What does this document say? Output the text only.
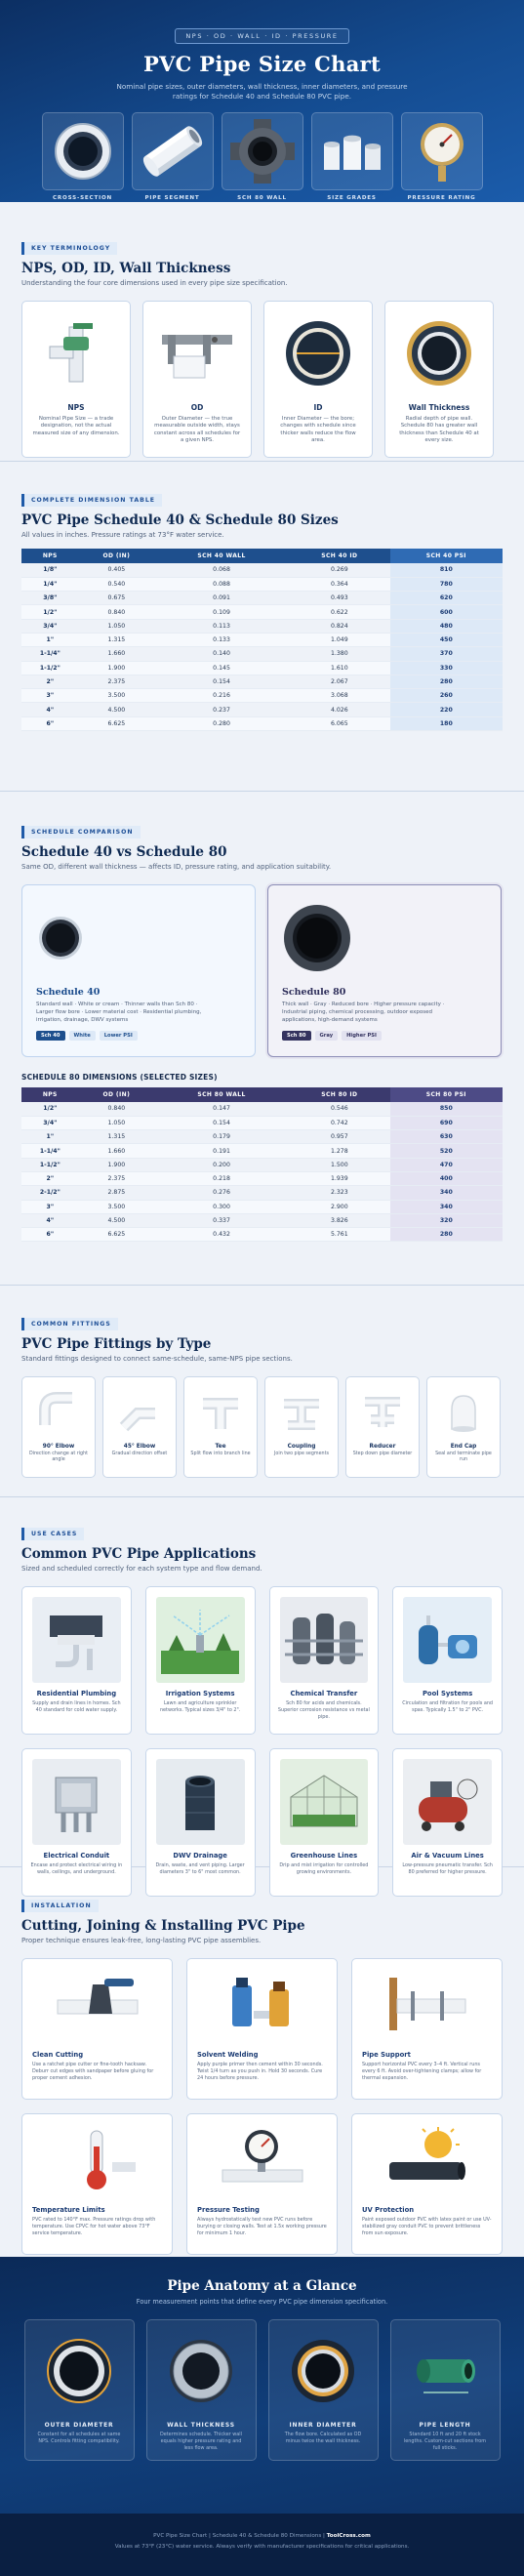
NPS · OD · WALL · ID · PRESSURE
PVC Pipe Size Chart

Nominal pipe sizes, outer diameters, wall thickness, inner diameters, and pressure ratings for Schedule 40 and Schedule 80 PVC pipe.

CROSS-SECTION	PIPE SEGMENT	SCH 80 WALL	SIZE GRADES	PRESSURE RATING
KEY TERMINOLOGY
NPS, OD, ID, Wall Thickness

Understanding the four core dimensions used in every pipe size specification.

NPS
Nominal Pipe Size — a trade designation, not the actual measured size of any dimension.
OD
Outer Diameter — the true measurable outside width, stays constant across all schedules for a given NPS.
ID
Inner Diameter — the bore; changes with schedule since thicker walls reduce the flow area.
Wall Thickness
Radial depth of pipe wall. Schedule 80 has greater wall thickness than Schedule 40 at every size.
COMPLETE DIMENSION TABLE
PVC Pipe Schedule 40 & Schedule 80 Sizes

All values in inches. Pressure ratings at 73°F water service.

NPS	OD (IN)	SCH 40 WALL	SCH 40 ID	SCH 40 PSI
1/8"	0.405	0.068	0.269	810
1/4"	0.540	0.088	0.364	780
3/8"	0.675	0.091	0.493	620
1/2"	0.840	0.109	0.622	600
3/4"	1.050	0.113	0.824	480
1"	1.315	0.133	1.049	450
1-1/4"	1.660	0.140	1.380	370
1-1/2"	1.900	0.145	1.610	330
2"	2.375	0.154	2.067	280
3"	3.500	0.216	3.068	260
4"	4.500	0.237	4.026	220
6"	6.625	0.280	6.065	180
SCHEDULE COMPARISON
Schedule 40 vs Schedule 80

Same OD, different wall thickness — affects ID, pressure rating, and application suitability.

Schedule 40
Standard wall · White or cream · Thinner walls than Sch 80 · Larger flow bore · Lower material cost · Residential plumbing, irrigation, drainage, DWV systems
Sch 40	White	Lower PSI
Schedule 80
Thick wall · Gray · Reduced bore · Higher pressure capacity · Industrial piping, chemical processing, outdoor exposed applications, high-demand systems
Sch 80	Gray	Higher PSI
SCHEDULE 80 DIMENSIONS (SELECTED SIZES)
NPS	OD (IN)	SCH 80 WALL	SCH 80 ID	SCH 80 PSI
1/2"	0.840	0.147	0.546	850
3/4"	1.050	0.154	0.742	690
1"	1.315	0.179	0.957	630
1-1/4"	1.660	0.191	1.278	520
1-1/2"	1.900	0.200	1.500	470
2"	2.375	0.218	1.939	400
2-1/2"	2.875	0.276	2.323	340
3"	3.500	0.300	2.900	340
4"	4.500	0.337	3.826	320
6"	6.625	0.432	5.761	280
COMMON FITTINGS
PVC Pipe Fittings by Type

Standard fittings designed to connect same-schedule, same-NPS pipe sections.

90° Elbow
Direction change at right angle
45° Elbow
Gradual direction offset
Tee
Split flow into branch line
Coupling
Join two pipe segments
Reducer
Step down pipe diameter
End Cap
Seal and terminate pipe run
USE CASES
Common PVC Pipe Applications

Sized and scheduled correctly for each system type and flow demand.

Residential Plumbing
Supply and drain lines in homes. Sch 40 standard for cold water supply.
Irrigation Systems
Lawn and agriculture sprinkler networks. Typical sizes 3/4" to 2".
Chemical Transfer
Sch 80 for acids and chemicals. Superior corrosion resistance vs metal pipe.
Pool Systems
Circulation and filtration for pools and spas. Typically 1.5" to 2" PVC.
Electrical Conduit
Encase and protect electrical wiring in walls, ceilings, and underground.
DWV Drainage
Drain, waste, and vent piping. Larger diameters 3" to 6" most common.
Greenhouse Lines
Drip and mist irrigation for controlled growing environments.
Air & Vacuum Lines
Low-pressure pneumatic transfer. Sch 80 preferred for higher pressure.
INSTALLATION
Cutting, Joining & Installing PVC Pipe

Proper technique ensures leak-free, long-lasting PVC pipe assemblies.

Clean Cutting
Use a ratchet pipe cutter or fine-tooth hacksaw. Deburr cut edges with sandpaper before gluing for proper cement adhesion.
Solvent Welding
Apply purple primer then cement within 30 seconds. Twist 1/4 turn as you push in. Hold 30 seconds. Cure 24 hours before pressure.
Pipe Support
Support horizontal PVC every 3–4 ft. Vertical runs every 6 ft. Avoid over-tightening clamps; allow for thermal expansion.
Temperature Limits
PVC rated to 140°F max. Pressure ratings drop with temperature. Use CPVC for hot water above 73°F service temperature.
Pressure Testing
Always hydrostatically test new PVC runs before burying or closing walls. Test at 1.5x working pressure for minimum 1 hour.
UV Protection
Paint exposed outdoor PVC with latex paint or use UV-stabilized gray conduit PVC to prevent brittleness from sun exposure.
Pipe Anatomy at a Glance

Four measurement points that define every PVC pipe dimension specification.

OUTER DIAMETER
Constant for all schedules at same NPS. Controls fitting compatibility.
WALL THICKNESS
Determines schedule. Thicker wall equals higher pressure rating and less flow area.
INNER DIAMETER
The flow bore. Calculated as OD minus twice the wall thickness.
PIPE LENGTH
Standard 10 ft and 20 ft stock lengths. Custom-cut sections from full sticks.
PVC Pipe Size Chart | Schedule 40 & Schedule 80 Dimensions | ToolCross.com
Values at 73°F (23°C) water service. Always verify with manufacturer specifications for critical applications.
